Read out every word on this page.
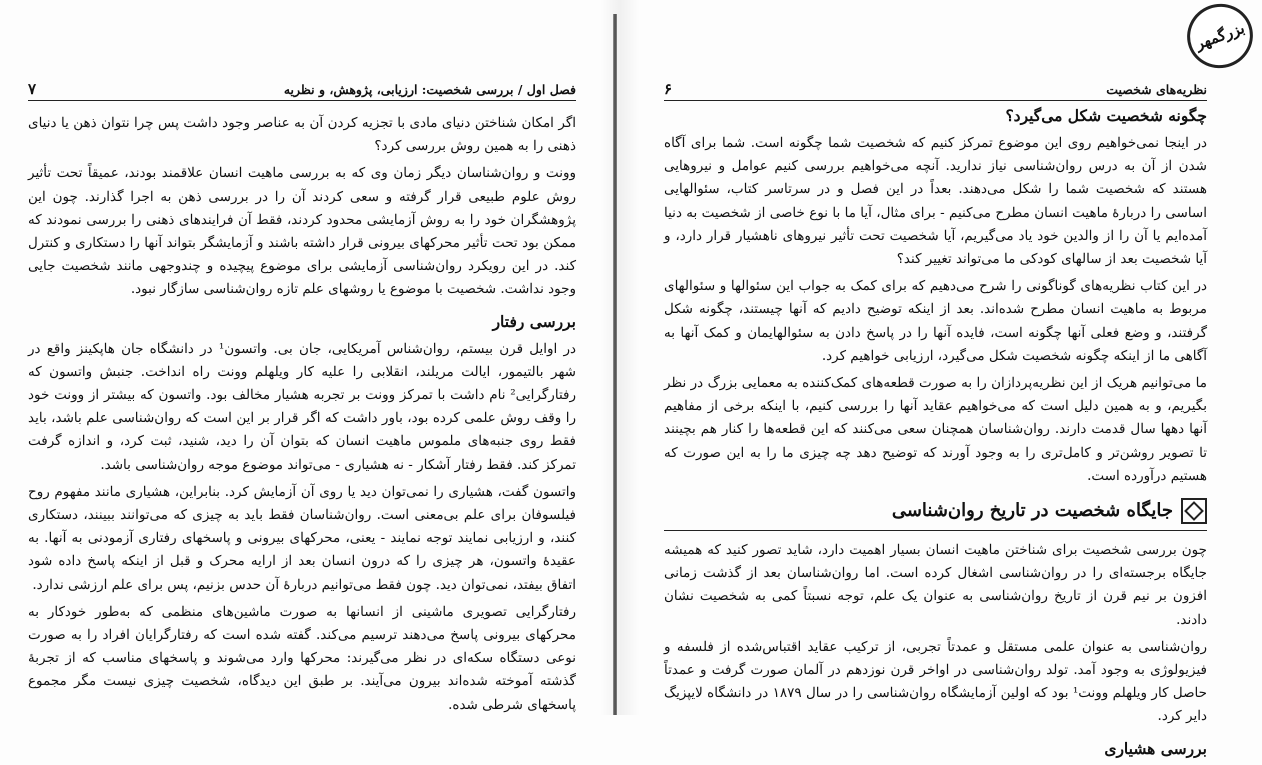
فصل اول / بررسی شخصیت: ارزیابی، پژوهش، و نظریه
۷

اگر امکان شناختن دنیای مادی با تجزیه کردن آن به عناصر وجود داشت پس چرا نتوان ذهن یا دنیای ذهنی را به همین روش بررسی کرد؟

وونت و روان‌شناسان دیگر زمان وی که به بررسی ماهیت انسان علاقمند بودند، عمیقاً تحت تأثیر روش علوم طبیعی قرار گرفته و سعی کردند آن را در بررسی ذهن به اجرا گذارند. چون این پژوهشگران خود را به روش آزمایشی محدود کردند، فقط آن فرایندهای ذهنی را بررسی نمودند که ممکن بود تحت تأثیر محرکهای بیرونی قرار داشته باشند و آزمایشگر بتواند آنها را دستکاری و کنترل کند. در این رویکرد روان‌شناسی آزمایشی برای موضوع پیچیده و چندوجهی مانند شخصیت جایی وجود نداشت. شخصیت با موضوع یا روشهای علم تازه روان‌شناسی سازگار نبود.

بررسی رفتار

در اوایل قرن بیستم، روان‌شناس آمریکایی، جان بی. واتسون¹ در دانشگاه جان هاپکینز واقع در شهر بالتیمور، ایالت مریلند، انقلابی را علیه کار ویلهلم وونت راه انداخت. جنبش واتسون که رفتارگرایی² نام داشت با تمرکز وونت بر تجربه هشیار مخالف بود. واتسون که بیشتر از وونت خود را وقف روش علمی کرده بود، باور داشت که اگر قرار بر این است که روان‌شناسی علم باشد، باید فقط روی جنبه‌های ملموس ماهیت انسان که بتوان آن را دید، شنید، ثبت کرد، و اندازه گرفت تمرکز کند. فقط رفتار آشکار - نه هشیاری - می‌تواند موضوع موجه روان‌شناسی باشد.

واتسون گفت، هشیاری را نمی‌توان دید یا روی آن آزمایش کرد. بنابراین، هشیاری مانند مفهوم روح فیلسوفان برای علم بی‌معنی است. روان‌شناسان فقط باید به چیزی که می‌توانند ببینند، دستکاری کنند، و ارزیابی نمایند توجه نمایند - یعنی، محرکهای بیرونی و پاسخهای رفتاری آزمودنی به آنها. به عقیدهٔ واتسون، هر چیزی را که درون انسان بعد از ارایه محرک و قبل از اینکه پاسخ داده شود اتفاق بیفتد، نمی‌توان دید. چون فقط می‌توانیم دربارهٔ آن حدس بزنیم، پس برای علم ارزشی ندارد.

رفتارگرایی تصویری ماشینی از انسانها به صورت ماشین‌های منظمی که به‌طور خودکار به محرکهای بیرونی پاسخ می‌دهند ترسیم می‌کند. گفته شده است که رفتارگرایان افراد را به صورت نوعی دستگاه سکه‌ای در نظر می‌گیرند: محرکها وارد می‌شوند و پاسخهای مناسب که از تجربهٔ گذشته آموخته شده‌اند بیرون می‌آیند. بر طبق این دیدگاه، شخصیت چیزی نیست مگر مجموع پاسخهای شرطی شده.

نظریه‌های شخصیت
۶
چگونه شخصیت شکل می‌گیرد؟

در اینجا نمی‌خواهیم روی این موضوع تمرکز کنیم که شخصیت شما چگونه است. شما برای آگاه شدن از آن به درس روان‌شناسی نیاز ندارید. آنچه می‌خواهیم بررسی کنیم عوامل و نیروهایی هستند که شخصیت شما را شکل می‌دهند. بعداً در این فصل و در سرتاسر کتاب، سئوالهایی اساسی را دربارهٔ ماهیت انسان مطرح می‌کنیم - برای مثال، آیا ما با نوع خاصی از شخصیت به دنیا آمده‌ایم یا آن را از والدین خود یاد می‌گیریم، آیا شخصیت تحت تأثیر نیروهای ناهشیار قرار دارد، و آیا شخصیت بعد از سالهای کودکی ما می‌تواند تغییر کند؟

در این کتاب نظریه‌های گوناگونی را شرح می‌دهیم که برای کمک به جواب این سئوالها و سئوالهای مربوط به ماهیت انسان مطرح شده‌اند. بعد از اینکه توضیح دادیم که آنها چیستند، چگونه شکل گرفتند، و وضع فعلی آنها چگونه است، فایده آنها را در پاسخ دادن به سئوالهایمان و کمک آنها به آگاهی ما از اینکه چگونه شخصیت شکل می‌گیرد، ارزیابی خواهیم کرد.

ما می‌توانیم هریک از این نظریه‌پردازان را به صورت قطعه‌های کمک‌کننده به معمایی بزرگ در نظر بگیریم، و به همین دلیل است که می‌خواهیم عقاید آنها را بررسی کنیم، با اینکه برخی از مفاهیم آنها دهها سال قدمت دارند. روان‌شناسان همچنان سعی می‌کنند که این قطعه‌ها را کنار هم بچینند تا تصویر روشن‌تر و کامل‌تری را به وجود آورند که توضیح دهد چه چیزی ما را به این صورت که هستیم درآورده است.

جایگاه شخصیت در تاریخ روان‌شناسی

چون بررسی شخصیت برای شناختن ماهیت انسان بسیار اهمیت دارد، شاید تصور کنید که همیشه جایگاه برجسته‌ای را در روان‌شناسی اشغال کرده است. اما روان‌شناسان بعد از گذشت زمانی افزون بر نیم قرن از تاریخ روان‌شناسی به عنوان یک علم، توجه نسبتاً کمی به شخصیت نشان دادند.

روان‌شناسی به عنوان علمی مستقل و عمدتاً تجربی، از ترکیب عقاید اقتباس‌شده از فلسفه و فیزیولوژی به وجود آمد. تولد روان‌شناسی در اواخر قرن نوزدهم در آلمان صورت گرفت و عمدتاً حاصل کار ویلهلم وونت¹ بود که اولین آزمایشگاه روان‌شناسی را در سال ۱۸۷۹ در دانشگاه لایپزیگ دایر کرد.

بررسی هشیاری
بزرگمهر
